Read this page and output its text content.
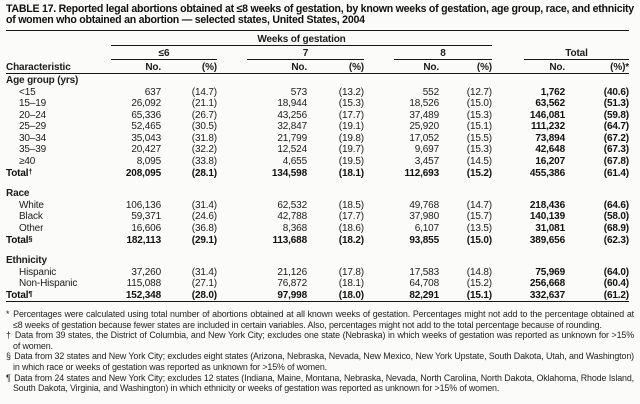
TABLE 17. Reported legal abortions obtained at ≤8 weeks of gestation, by known weeks of gestation, age group, race, and ethnicity
of women who obtained an abortion — selected states, United States, 2004
	Weeks of gestation										
	≤6			7			8			Total	
Characteristic	No.	(%)		No.	(%)		No.	(%)		No.	(%)*
Age group (yrs)											
<15	637	(14.7)		573	(13.2)		552	(12.7)		1,762	(40.6)
15–19	26,092	(21.1)		18,944	(15.3)		18,526	(15.0)		63,562	(51.3)
20–24	65,336	(26.7)		43,256	(17.7)		37,489	(15.3)		146,081	(59.8)
25–29	52,465	(30.5)		32,847	(19.1)		25,920	(15.1)		111,232	(64.7)
30–34	35,043	(31.8)		21,799	(19.8)		17,052	(15.5)		73,894	(67.2)
35–39	20,427	(32.2)		12,524	(19.7)		9,697	(15.3)		42,648	(67.3)
≥40	8,095	(33.8)		4,655	(19.5)		3,457	(14.5)		16,207	(67.8)
Total†	208,095	(28.1)		134,598	(18.1)		112,693	(15.2)		455,386	(61.4)

Race											
White	106,136	(31.4)		62,532	(18.5)		49,768	(14.7)		218,436	(64.6)
Black	59,371	(24.6)		42,788	(17.7)		37,980	(15.7)		140,139	(58.0)
Other	16,606	(36.8)		8,368	(18.6)		6,107	(13.5)		31,081	(68.9)
Total§	182,113	(29.1)		113,688	(18.2)		93,855	(15.0)		389,656	(62.3)

Ethnicity											
Hispanic	37,260	(31.4)		21,126	(17.8)		17,583	(14.8)		75,969	(64.0)
Non-Hispanic	115,088	(27.1)		76,872	(18.1)		64,708	(15.2)		256,668	(60.4)
Total¶	152,348	(28.0)		97,998	(18.0)		82,291	(15.1)		332,637	(61.2)
* Percentages were calculated using total number of abortions obtained at all known weeks of gestation. Percentages might not add to the percentage obtained at ≤8 weeks of gestation because fewer states are included in certain variables. Also, percentages might not add to the total percentage because of rounding.
† Data from 39 states, the District of Columbia, and New York City; excludes one state (Nebraska) in which weeks of gestation was reported as unknown for >15% of women.
§ Data from 32 states and New York City; excludes eight states (Arizona, Nebraska, Nevada, New Mexico, New York Upstate, South Dakota, Utah, and Washington) in which race or weeks of gestation was reported as unknown for >15% of women.
¶ Data from 24 states and New York City; excludes 12 states (Indiana, Maine, Montana, Nebraska, Nevada, North Carolina, North Dakota, Oklahoma, Rhode Island, South Dakota, Virginia, and Washington) in which ethnicity or weeks of gestation was reported as unknown for >15% of women.
